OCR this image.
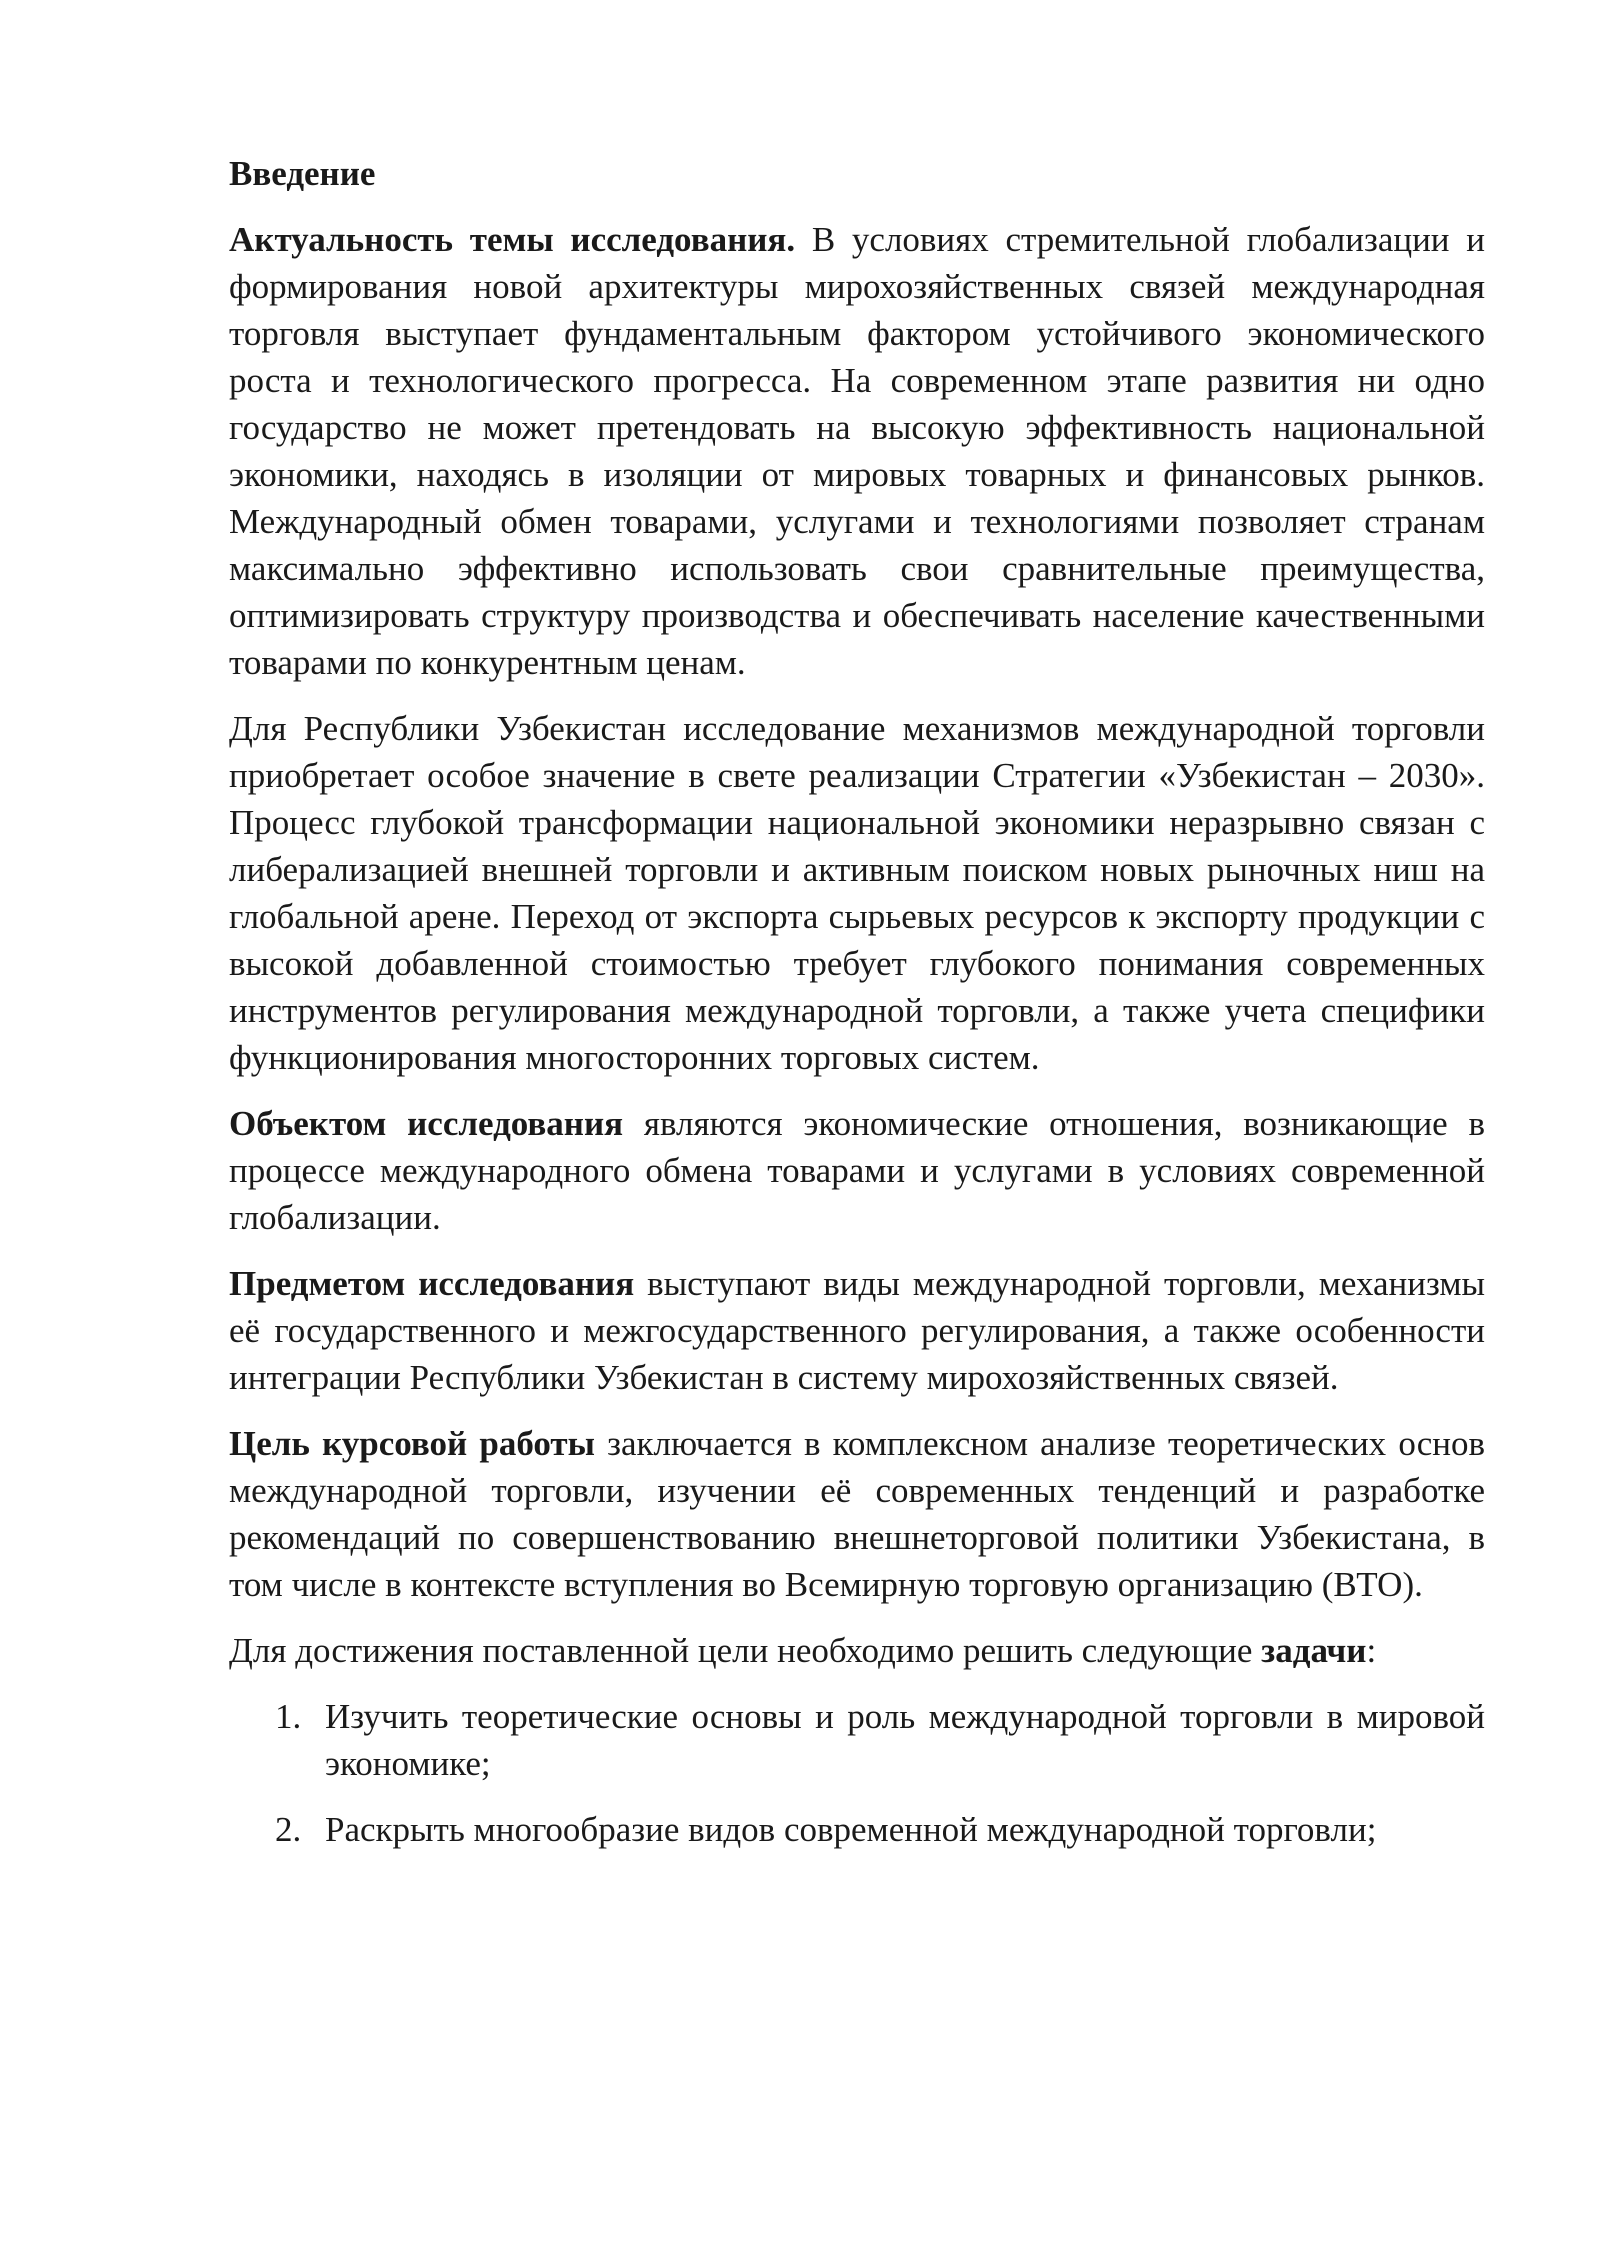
Введение

Актуальность темы исследования. В условиях стремительной глобализации и формирования новой архитектуры мирохозяйственных связей международная торговля выступает фундаментальным фактором устойчивого экономического роста и технологического прогресса. На современном этапе развития ни одно государство не может претендовать на высокую эффективность национальной экономики, находясь в изоляции от мировых товарных и финансовых рынков. Международный обмен товарами, услугами и технологиями позволяет странам максимально эффективно использовать свои сравнительные преимущества, оптимизировать структуру производства и обеспечивать население качественными товарами по конкурентным ценам.

Для Республики Узбекистан исследование механизмов международной торговли приобретает особое значение в свете реализации Стратегии «Узбекистан – 2030». Процесс глубокой трансформации национальной экономики неразрывно связан с либерализацией внешней торговли и активным поиском новых рыночных ниш на глобальной арене. Переход от экспорта сырьевых ресурсов к экспорту продукции с высокой добавленной стоимостью требует глубокого понимания современных инструментов регулирования международной торговли, а также учета специфики функционирования многосторонних торговых систем.

Объектом исследования являются экономические отношения, возникающие в процессе международного обмена товарами и услугами в условиях современной глобализации.

Предметом исследования выступают виды международной торговли, механизмы её государственного и межгосударственного регулирования, а также особенности интеграции Республики Узбекистан в систему мирохозяйственных связей.

Цель курсовой работы заключается в комплексном анализе теоретических основ международной торговли, изучении её современных тенденций и разработке рекомендаций по совершенствованию внешнеторговой политики Узбекистана, в том числе в контексте вступления во Всемирную торговую организацию (ВТО).

Для достижения поставленной цели необходимо решить следующие задачи:

1. Изучить теоретические основы и роль международной торговли в мировой экономике;
2. Раскрыть многообразие видов современной международной торговли;
